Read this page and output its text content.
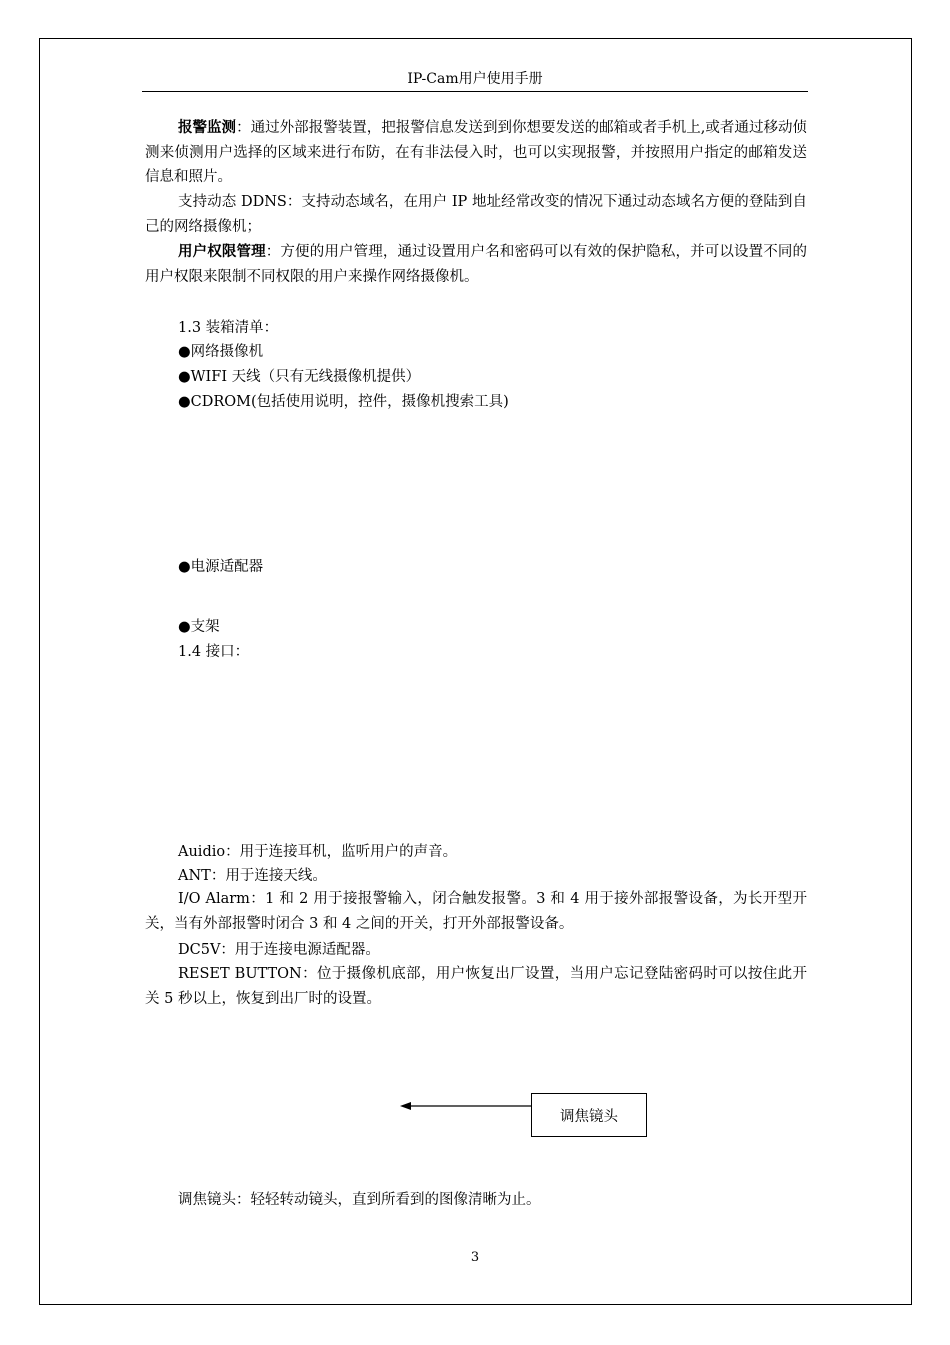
IP-Cam用户使用手册

报警监测：通过外部报警装置，把报警信息发送到到你想要发送的邮箱或者手机上,或者通过移动侦测来侦测用户选择的区域来进行布防，在有非法侵入时，也可以实现报警，并按照用户指定的邮箱发送信息和照片。

支持动态 DDNS：支持动态域名，在用户 IP 地址经常改变的情况下通过动态域名方便的登陆到自己的网络摄像机；

用户权限管理：方便的用户管理，通过设置用户名和密码可以有效的保护隐私，并可以设置不同的用户权限来限制不同权限的用户来操作网络摄像机。

1.3 装箱清单：
●网络摄像机
●WIFI 天线（只有无线摄像机提供）
●CDROM(包括使用说明，控件，摄像机搜索工具)
●电源适配器
●支架
1.4 接口：
Auidio：用于连接耳机，监听用户的声音。
ANT：用于连接天线。

I/O Alarm：1 和 2 用于接报警输入，闭合触发报警。3 和 4 用于接外部报警设备，为长开型开关，当有外部报警时闭合 3 和 4 之间的开关，打开外部报警设备。

DC5V：用于连接电源适配器。

RESET BUTTON：位于摄像机底部，用户恢复出厂设置，当用户忘记登陆密码时可以按住此开关 5 秒以上，恢复到出厂时的设置。

调焦镜头
调焦镜头：轻轻转动镜头，直到所看到的图像清晰为止。
3
